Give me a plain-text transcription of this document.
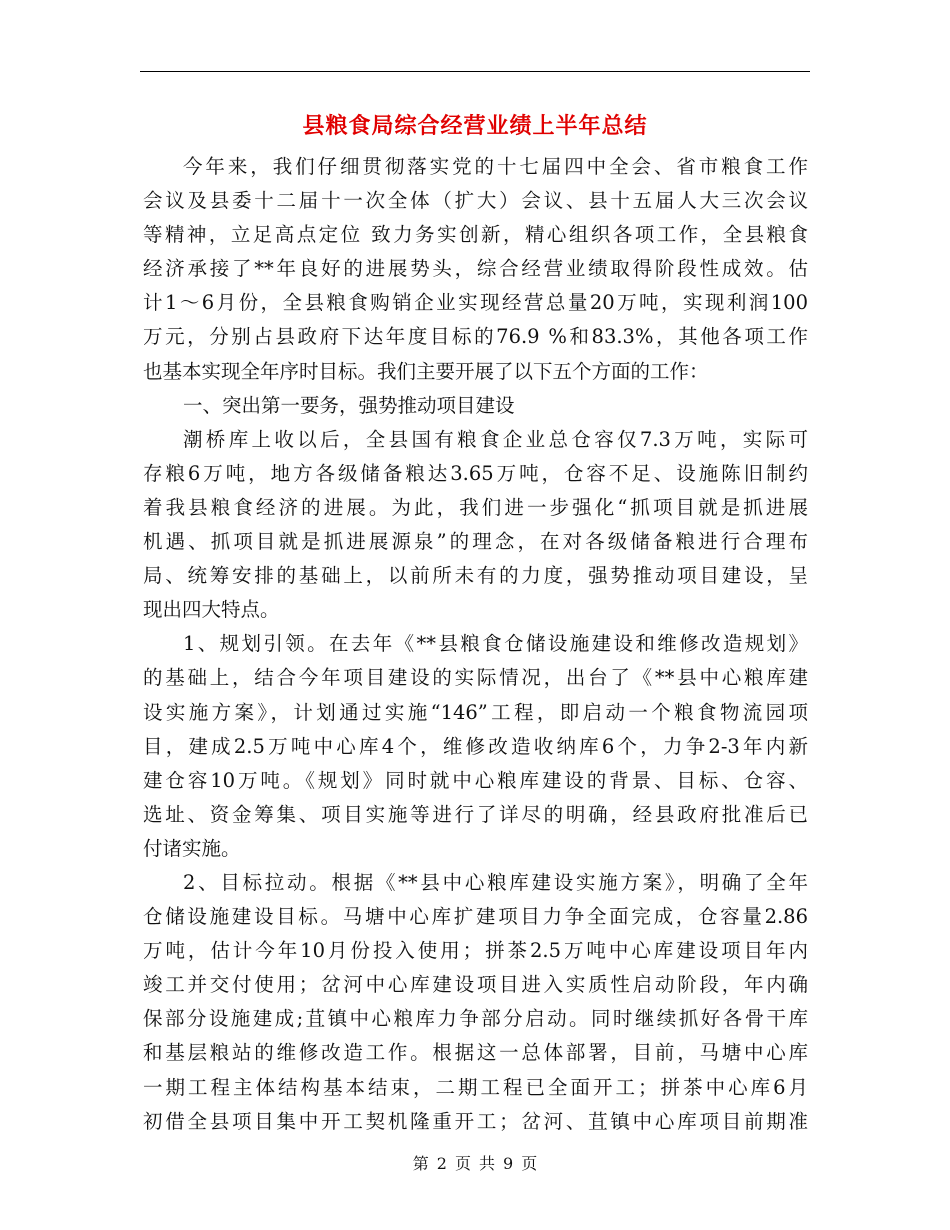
县粮食局综合经营业绩上半年总结
今年来，我们仔细贯彻落实党的十七届四中全会、省市粮食工作
会议及县委十二届十一次全体（扩大）会议、县十五届人大三次会议
等精神，立足高点定位 致力务实创新，精心组织各项工作，全县粮食
经济承接了**年良好的进展势头，综合经营业绩取得阶段性成效。估
计1～6月份，全县粮食购销企业实现经营总量20万吨，实现利润100
万元，分别占县政府下达年度目标的76.9 %和83.3%，其他各项工作
也基本实现全年序时目标。我们主要开展了以下五个方面的工作：
一、突出第一要务，强势推动项目建设
潮桥库上收以后，全县国有粮食企业总仓容仅7.3万吨，实际可
存粮6万吨，地方各级储备粮达3.65万吨，仓容不足、设施陈旧制约
着我县粮食经济的进展。为此，我们进一步强化“抓项目就是抓进展
机遇、抓项目就是抓进展源泉”的理念，在对各级储备粮进行合理布
局、统筹安排的基础上，以前所未有的力度，强势推动项目建设，呈
现出四大特点。
1、规划引领。在去年《**县粮食仓储设施建设和维修改造规划》
的基础上，结合今年项目建设的实际情况，出台了《**县中心粮库建
设实施方案》，计划通过实施“146”工程，即启动一个粮食物流园项
目，建成2.5万吨中心库4个，维修改造收纳库6个，力争2-3年内新
建仓容10万吨。《规划》同时就中心粮库建设的背景、目标、仓容、
选址、资金筹集、项目实施等进行了详尽的明确，经县政府批准后已
付诸实施。
2、目标拉动。根据《**县中心粮库建设实施方案》，明确了全年
仓储设施建设目标。马塘中心库扩建项目力争全面完成，仓容量2.86
万吨，估计今年10月份投入使用；拼茶2.5万吨中心库建设项目年内
竣工并交付使用；岔河中心库建设项目进入实质性启动阶段，年内确
保部分设施建成;苴镇中心粮库力争部分启动。同时继续抓好各骨干库
和基层粮站的维修改造工作。根据这一总体部署，目前，马塘中心库
一期工程主体结构基本结束，二期工程已全面开工；拼茶中心库6月
初借全县项目集中开工契机隆重开工；岔河、苴镇中心库项目前期准
第 2 页 共 9 页
